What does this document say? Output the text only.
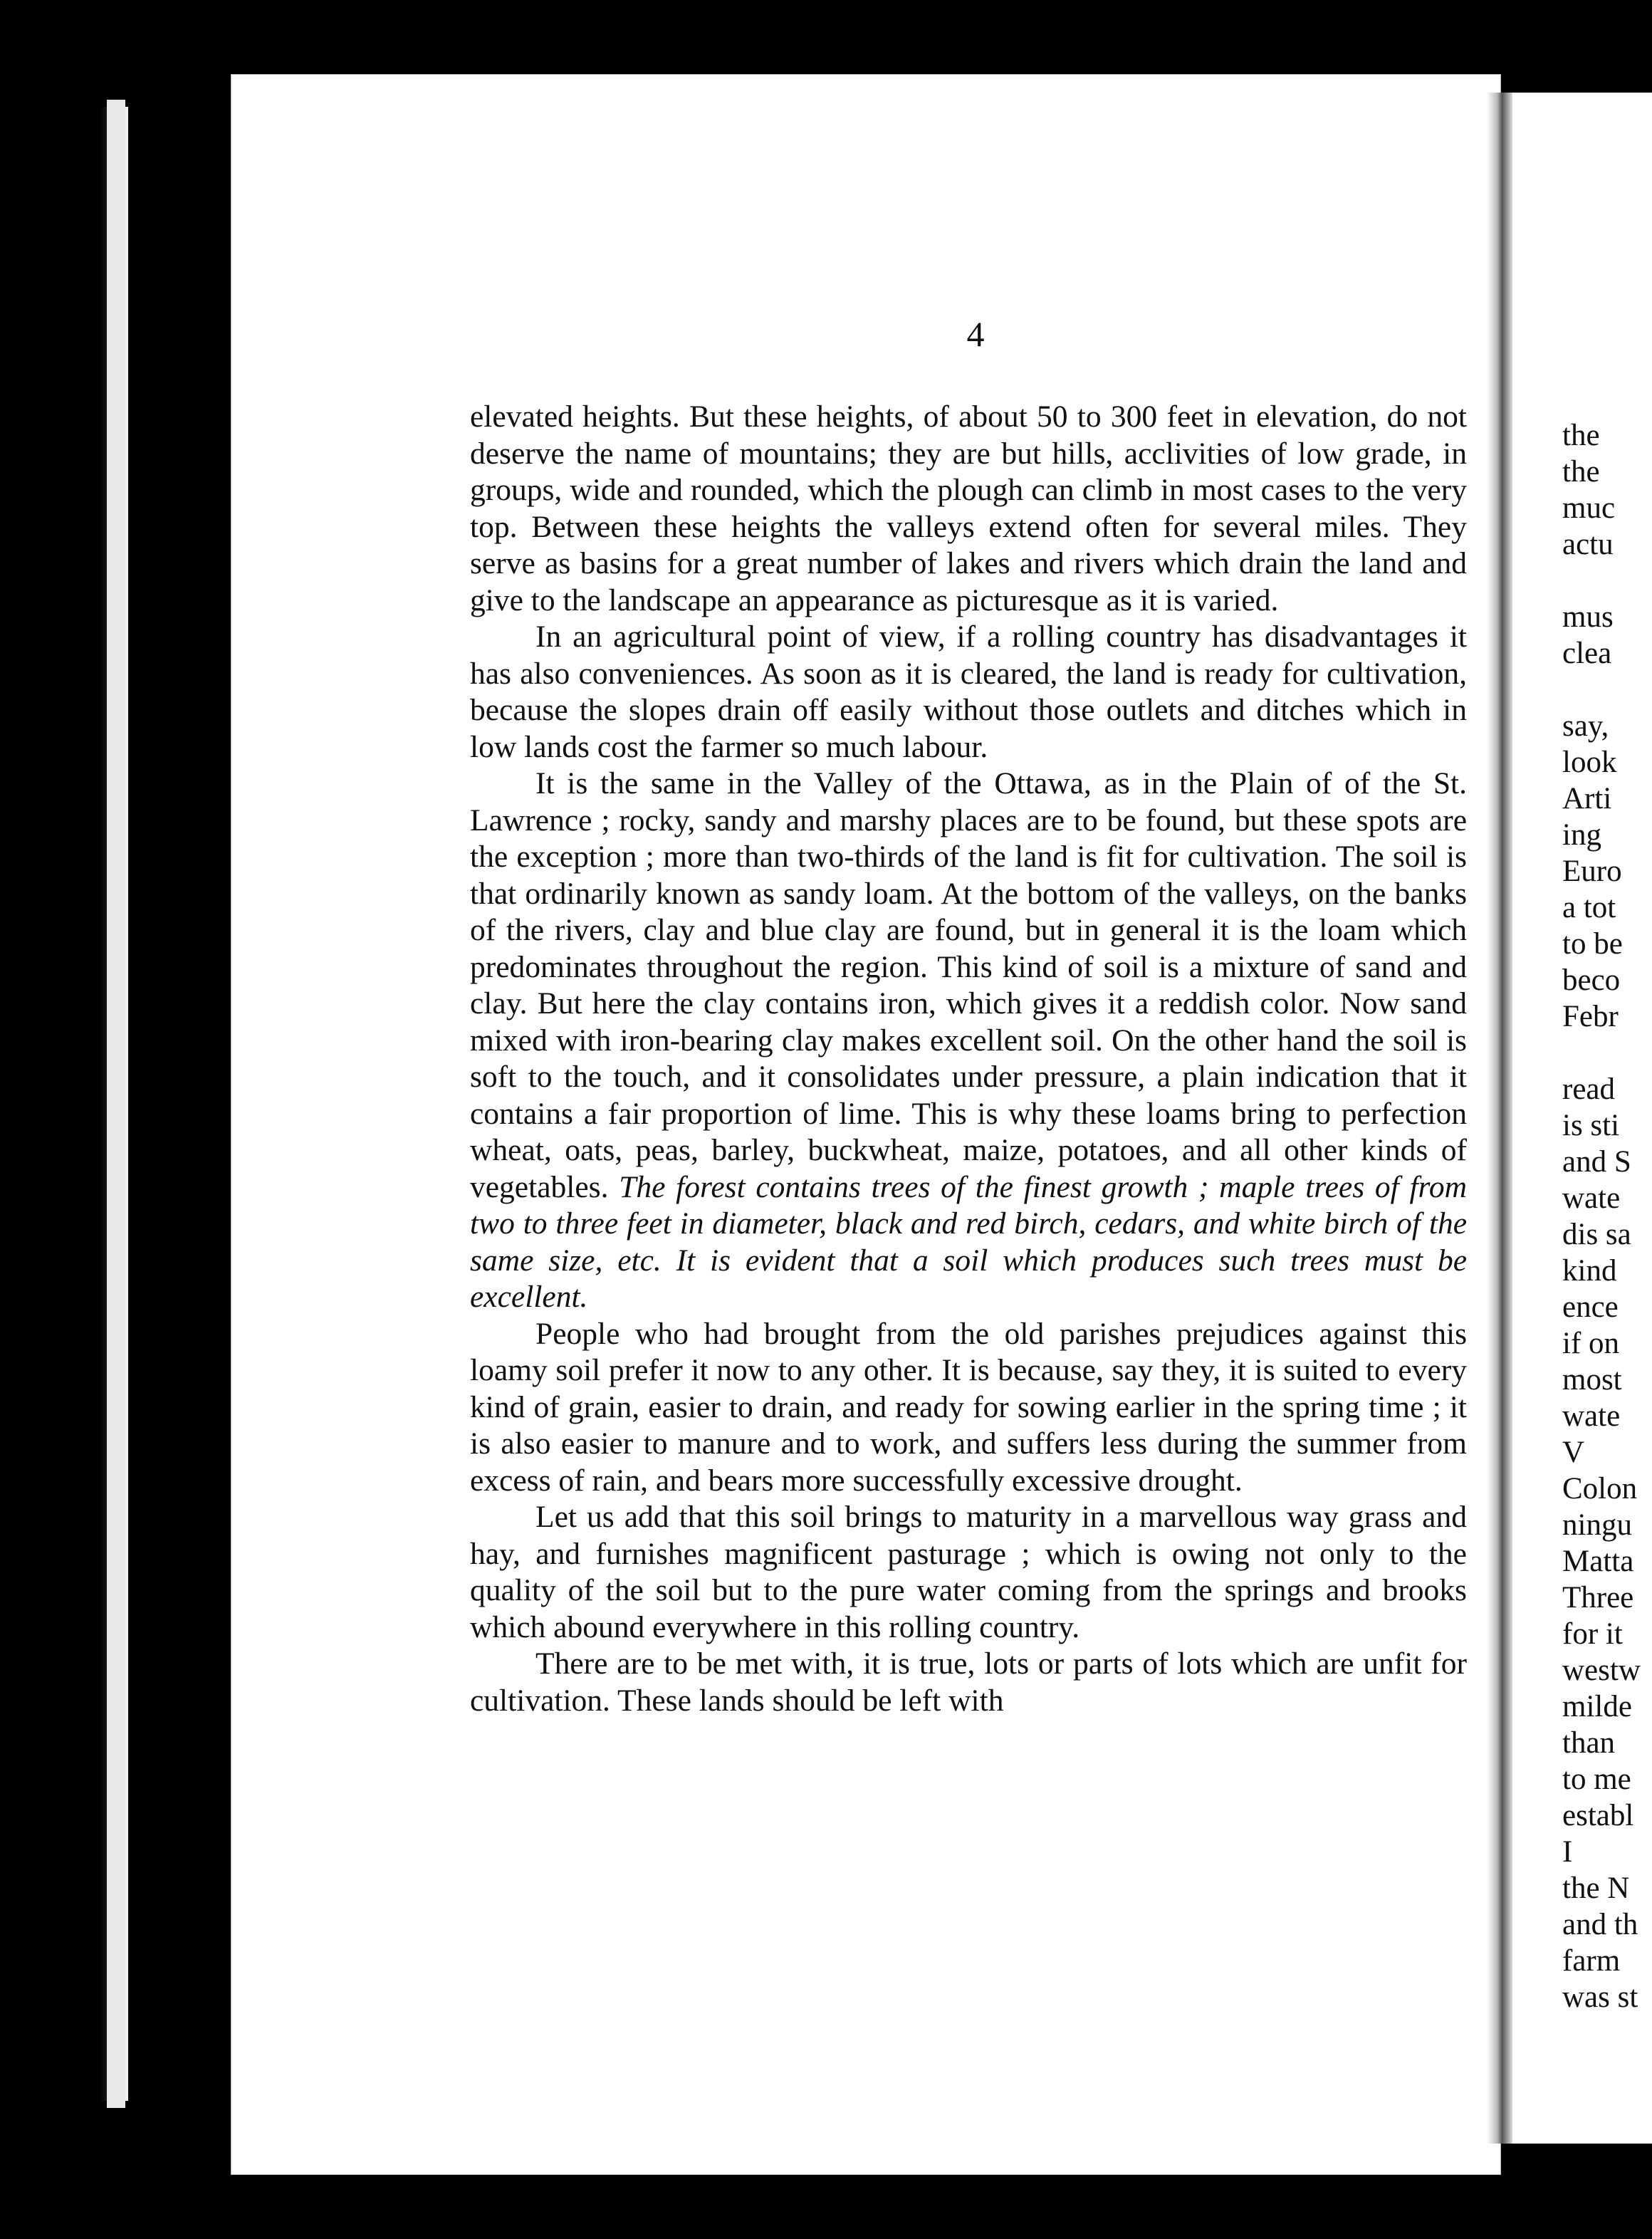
4

elevated heights. But these heights, of about 50 to 300 feet in elevation, do not deserve the name of mountains; they are but hills, acclivities of low grade, in groups, wide and rounded, which the plough can climb in most cases to the very top. Between these heights the valleys extend often for several miles. They serve as basins for a great number of lakes and rivers which drain the land and give to the landscape an appearance as picturesque as it is varied.

In an agricultural point of view, if a rolling country has disadvantages it has also conveniences. As soon as it is cleared, the land is ready for cultivation, because the slopes drain off easily without those outlets and ditches which in low lands cost the farmer so much labour.

It is the same in the Valley of the Ottawa, as in the Plain of of the St. Lawrence ; rocky, sandy and marshy places are to be found, but these spots are the exception ; more than two-thirds of the land is fit for cultivation. The soil is that ordinarily known as sandy loam. At the bottom of the valleys, on the banks of the rivers, clay and blue clay are found, but in general it is the loam which predominates throughout the region. This kind of soil is a mixture of sand and clay. But here the clay contains iron, which gives it a reddish color. Now sand mixed with iron-bearing clay makes excellent soil. On the other hand the soil is soft to the touch, and it consolidates under pressure, a plain indication that it contains a fair proportion of lime. This is why these loams bring to perfection wheat, oats, peas, barley, buckwheat, maize, potatoes, and all other kinds of vegetables. The forest contains trees of the finest growth ; maple trees of from two to three feet in diameter, black and red birch, cedars, and white birch of the same size, etc. It is evident that a soil which produces such trees must be excellent.

People who had brought from the old parishes prejudices against this loamy soil prefer it now to any other. It is because, say they, it is suited to every kind of grain, easier to drain, and ready for sowing earlier in the spring time ; it is also easier to manure and to work, and suffers less during the summer from excess of rain, and bears more successfully excessive drought.

Let us add that this soil brings to maturity in a marvellous way grass and hay, and furnishes magnificent pasturage ; which is owing not only to the quality of the soil but to the pure water coming from the springs and brooks which abound everywhere in this rolling country.

There are to be met with, it is true, lots or parts of lots which are unfit for cultivation. These lands should be left with

the
the
muc
actu
mus
clea
say,
look
Arti
ing
Euro
a tot
to be
beco
Febr
read
is sti
and S
wate
dis sa
kind
ence
if on
most
wate
V
Colon
ningu
Matta
Three
for it
westw
milde
than
to me
establ
I
the N
and th
farm
was st
